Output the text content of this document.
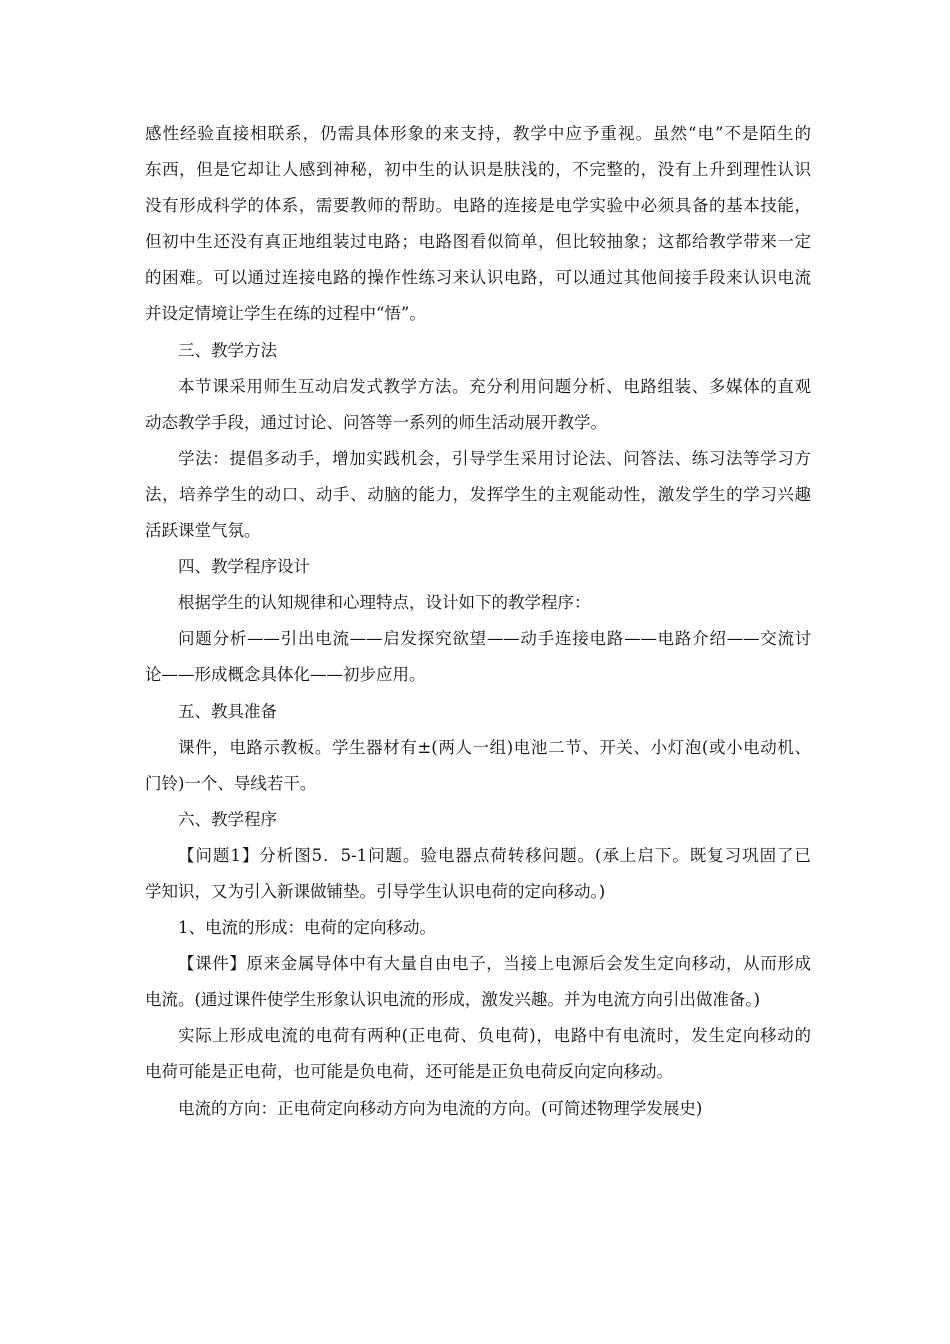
感性经验直接相联系，仍需具体形象的来支持，教学中应予重视。虽然“电”不是陌生的
东西，但是它却让人感到神秘，初中生的认识是肤浅的，不完整的，没有上升到理性认识
没有形成科学的体系，需要教师的帮助。电路的连接是电学实验中必须具备的基本技能，
但初中生还没有真正地组装过电路；电路图看似简单，但比较抽象；这都给教学带来一定
的困难。可以通过连接电路的操作性练习来认识电路，可以通过其他间接手段来认识电流
并设定情境让学生在练的过程中“悟”。
三、教学方法
本节课采用师生互动启发式教学方法。充分利用问题分析、电路组装、多媒体的直观
动态教学手段，通过讨论、问答等一系列的师生活动展开教学。
学法：提倡多动手，增加实践机会，引导学生采用讨论法、问答法、练习法等学习方
法，培养学生的动口、动手、动脑的能力，发挥学生的主观能动性，激发学生的学习兴趣
活跃课堂气氛。
四、教学程序设计
根据学生的认知规律和心理特点，设计如下的教学程序：
问题分析——引出电流——启发探究欲望——动手连接电路——电路介绍——交流讨
论——形成概念具体化——初步应用。
五、教具准备
课件，电路示教板。学生器材有±(两人一组)电池二节、开关、小灯泡(或小电动机、
门铃)一个、导线若干。
六、教学程序
【问题1】分析图5．5-1问题。验电器点荷转移问题。(承上启下。既复习巩固了已
学知识，又为引入新课做铺垫。引导学生认识电荷的定向移动。)
1、电流的形成：电荷的定向移动。
【课件】原来金属导体中有大量自由电子，当接上电源后会发生定向移动，从而形成
电流。(通过课件使学生形象认识电流的形成，激发兴趣。并为电流方向引出做准备。)
实际上形成电流的电荷有两种(正电荷、负电荷)，电路中有电流时，发生定向移动的
电荷可能是正电荷，也可能是负电荷，还可能是正负电荷反向定向移动。
电流的方向：正电荷定向移动方向为电流的方向。(可简述物理学发展史)
